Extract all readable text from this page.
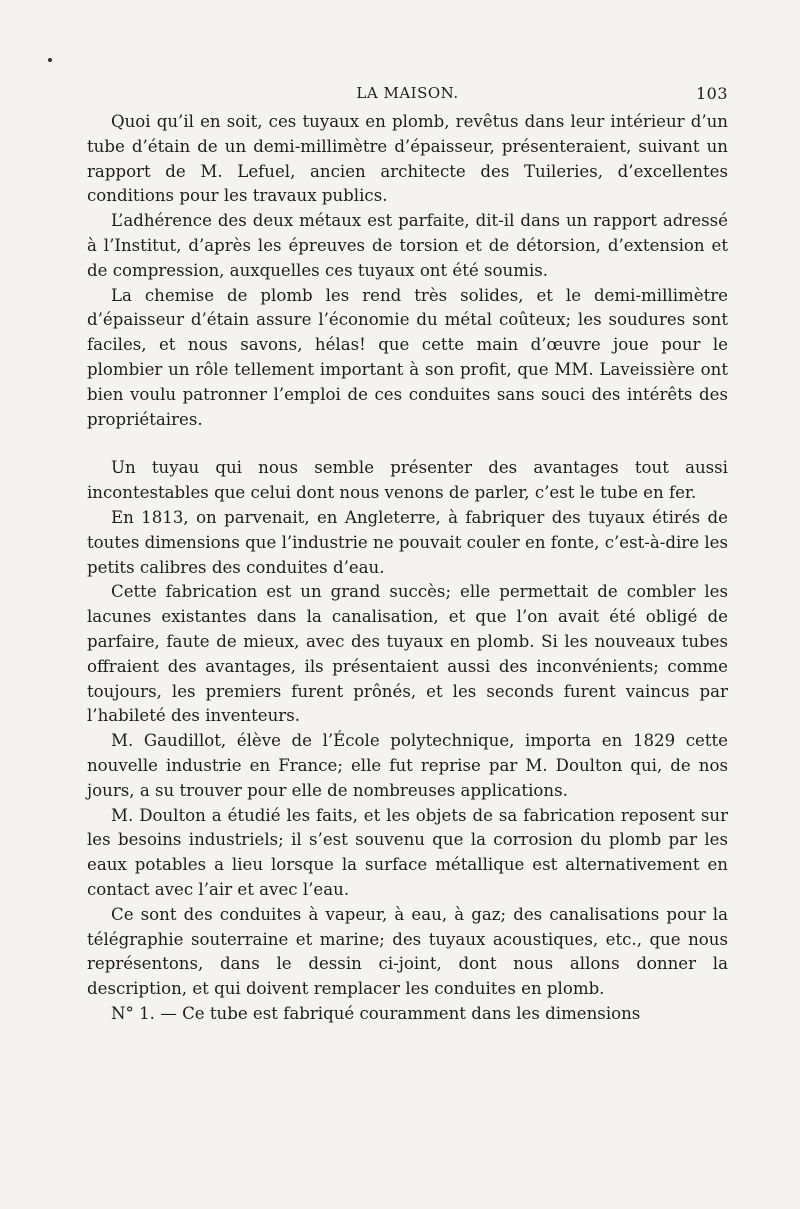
LA MAISON.	103

Quoi qu’il en soit, ces tuyaux en plomb, revêtus dans leur intérieur d’un tube d’étain de un demi-millimètre d’épaisseur, présenteraient, suivant un rapport de M. Lefuel, ancien architecte des Tuileries, d’excellentes conditions pour les travaux publics.

L’adhérence des deux métaux est parfaite, dit-il dans un rapport adressé à l’Institut, d’après les épreuves de torsion et de détorsion, d’extension et de compression, auxquelles ces tuyaux ont été soumis.

La chemise de plomb les rend très solides, et le demi-millimètre d’épaisseur d’étain assure l’économie du métal coûteux; les soudures sont faciles, et nous savons, hélas! que cette main d’œuvre joue pour le plombier un rôle tellement important à son profit, que MM. Laveissière ont bien voulu patronner l’emploi de ces conduites sans souci des intérêts des propriétaires.

Un tuyau qui nous semble présenter des avantages tout aussi incontestables que celui dont nous venons de parler, c’est le tube en fer.

En 1813, on parvenait, en Angleterre, à fabriquer des tuyaux étirés de toutes dimensions que l’industrie ne pouvait couler en fonte, c’est-à-dire les petits calibres des conduites d’eau.

Cette fabrication est un grand succès; elle permettait de combler les lacunes existantes dans la canalisation, et que l’on avait été obligé de parfaire, faute de mieux, avec des tuyaux en plomb. Si les nouveaux tubes offraient des avantages, ils présentaient aussi des inconvénients; comme toujours, les premiers furent prônés, et les seconds furent vaincus par l’habileté des inventeurs.

M. Gaudillot, élève de l’École polytechnique, importa en 1829 cette nouvelle industrie en France; elle fut reprise par M. Doulton qui, de nos jours, a su trouver pour elle de nombreuses applications.

M. Doulton a étudié les faits, et les objets de sa fabrication reposent sur les besoins industriels; il s’est souvenu que la corrosion du plomb par les eaux potables a lieu lorsque la surface métallique est alternativement en contact avec l’air et avec l’eau.

Ce sont des conduites à vapeur, à eau, à gaz; des canalisations pour la télégraphie souterraine et marine; des tuyaux acoustiques, etc., que nous représentons, dans le dessin ci-joint, dont nous allons donner la description, et qui doivent remplacer les conduites en plomb.

N° 1. — Ce tube est fabriqué couramment dans les dimensions
